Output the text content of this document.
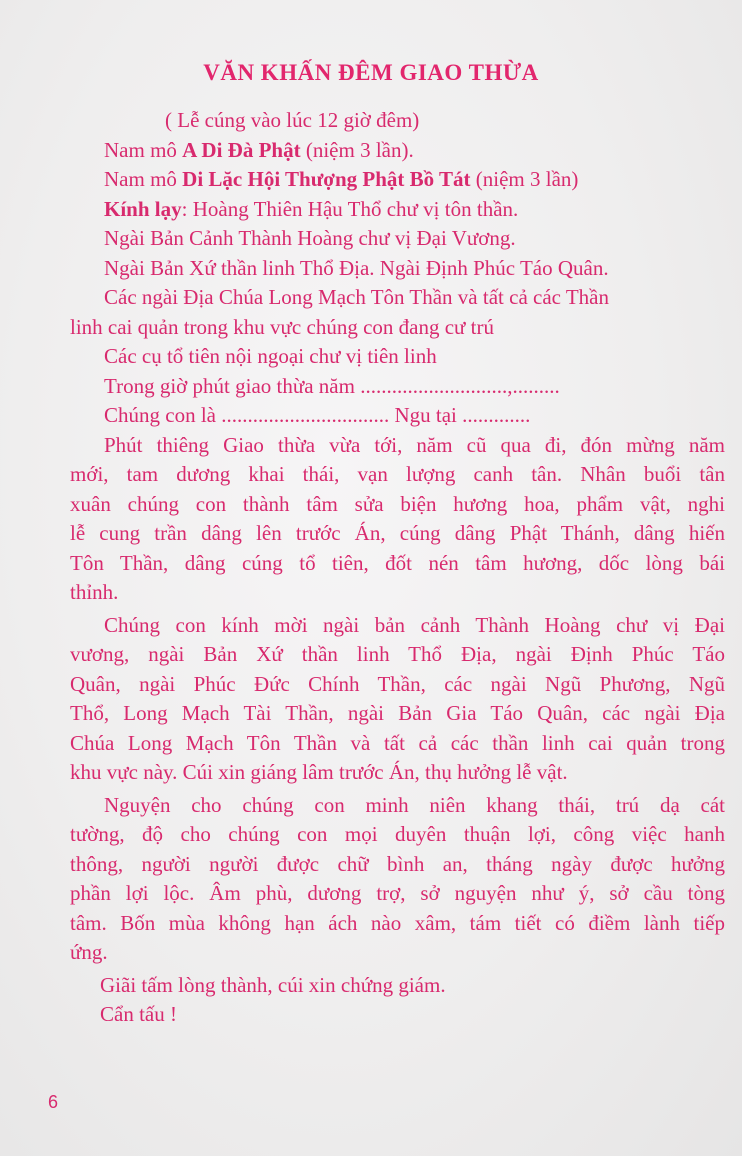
VĂN KHẤN ĐÊM GIAO THỪA
( Lễ cúng vào lúc 12 giờ đêm)
Nam mô A Di Đà Phật (niệm 3 lần).
Nam mô Di Lặc Hội Thượng Phật Bồ Tát (niệm 3 lần)
Kính lạy: Hoàng Thiên Hậu Thổ chư vị tôn thần.
Ngài Bản Cảnh Thành Hoàng chư vị Đại Vương.
Ngài Bản Xứ thần linh Thổ Địa. Ngài Định Phúc Táo Quân.
Các ngài Địa Chúa Long Mạch Tôn Thần và tất cả các Thần
linh cai quản trong khu vực chúng con đang cư trú
Các cụ tổ tiên nội ngoại chư vị tiên linh
Trong giờ phút giao thừa năm ............................,.........
Chúng con là ................................ Ngu tại .............
Phút thiêng Giao thừa vừa tới, năm cũ qua đi, đón mừng năm
mới, tam dương khai thái, vạn lượng canh tân. Nhân buổi tân
xuân chúng con thành tâm sửa biện hương hoa, phẩm vật, nghi
lễ cung trần dâng lên trước Án, cúng dâng Phật Thánh, dâng hiến
Tôn Thần, dâng cúng tổ tiên, đốt nén tâm hương, dốc lòng bái
thỉnh.
Chúng con kính mời ngài bản cảnh Thành Hoàng chư vị Đại
vương, ngài Bản Xứ thần linh Thổ Địa, ngài Định Phúc Táo
Quân, ngài Phúc Đức Chính Thần, các ngài Ngũ Phương, Ngũ
Thổ, Long Mạch Tài Thần, ngài Bản Gia Táo Quân, các ngài Địa
Chúa Long Mạch Tôn Thần và tất cả các thần linh cai quản trong
khu vực này. Cúi xin giáng lâm trước Án, thụ hưởng lễ vật.
Nguyện cho chúng con minh niên khang thái, trú dạ cát
tường, độ cho chúng con mọi duyên thuận lợi, công việc hanh
thông, người người được chữ bình an, tháng ngày được hưởng
phần lợi lộc. Âm phù, dương trợ, sở nguyện như ý, sở cầu tòng
tâm. Bốn mùa không hạn ách nào xâm, tám tiết có điềm lành tiếp
ứng.
Giãi tấm lòng thành, cúi xin chứng giám.
Cẩn tấu !
6
